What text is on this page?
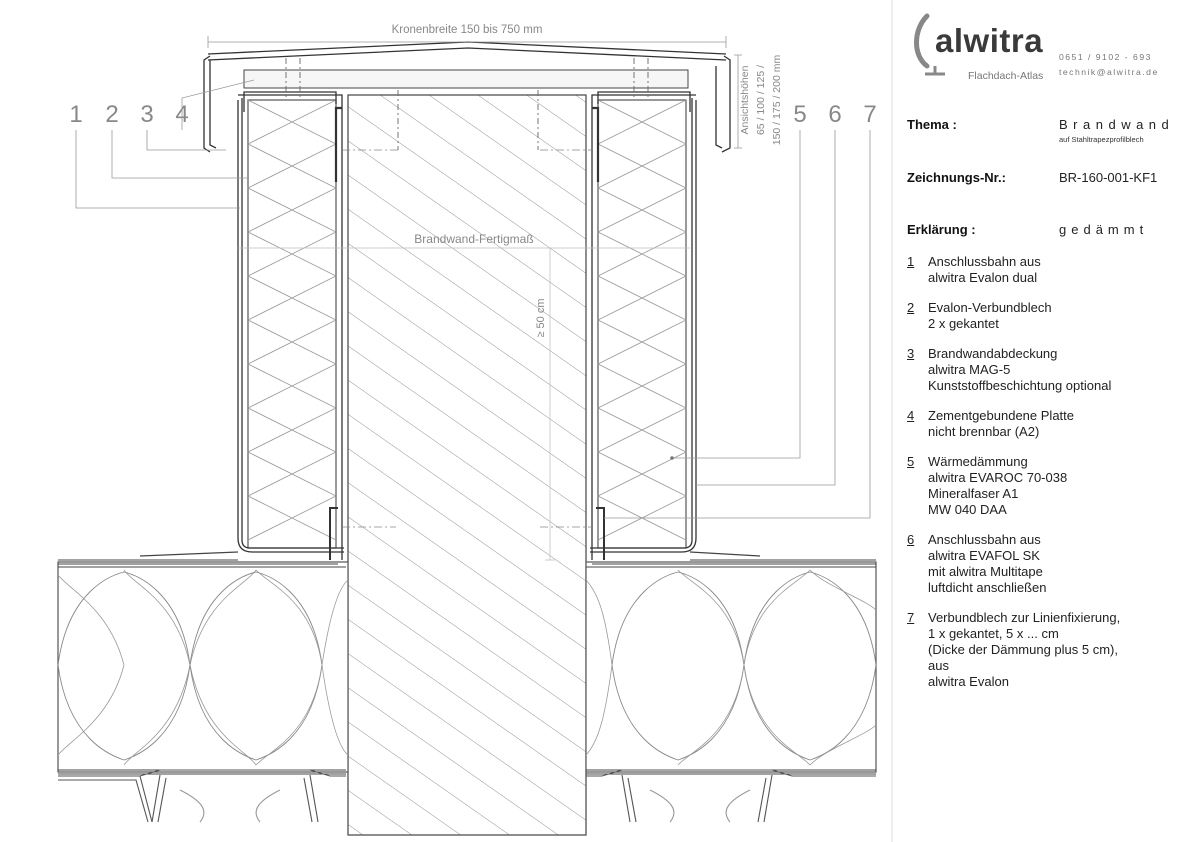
Kronenbreite 150 bis 750 mm
Brandwand-Fertigmaß
≥ 50 cm
Ansichtshöhen 65 / 100 / 125 / 150 / 175 / 200 mm
1 2 3 4	5 6 7
alwitra
Flachdach-Atlas
0651 / 9102 - 693
technik@alwitra.de
Thema :	Brandwand
auf Stahltrapezprofilblech
Zeichnungs-Nr.:	BR-160-001-KF1
Erklärung :	gedämmt
1	Anschlussbahn aus
alwitra Evalon dual
2	Evalon-Verbundblech
2 x gekantet
3	Brandwandabdeckung
alwitra MAG-5
Kunststoffbeschichtung optional
4	Zementgebundene Platte
nicht brennbar (A2)
5	Wärmedämmung
alwitra EVAROC 70-038
Mineralfaser A1
MW 040 DAA
6	Anschlussbahn aus
alwitra EVAFOL SK
mit alwitra Multitape
luftdicht anschließen
7	Verbundblech zur Linienfixierung,
1 x gekantet, 5 x ... cm
(Dicke der Dämmung plus 5 cm),
aus
alwitra Evalon
